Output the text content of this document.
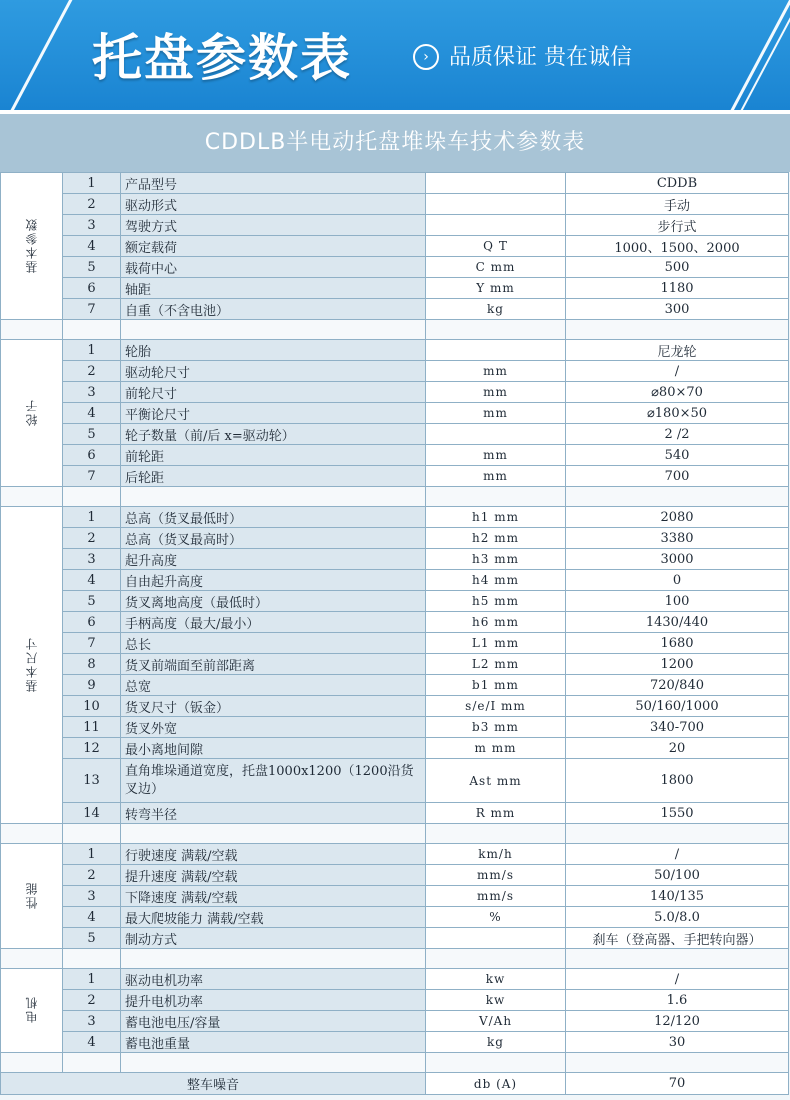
托盘参数表	› 品质保证 贵在诚信
CDDLB半电动托盘堆垛车技术参数表
基本参数	1	产品型号		CDDB
	2	驱动形式		手动
	3	驾驶方式		步行式
	4	额定载荷	Q T	1000、1500、2000
	5	载荷中心	C mm	500
	6	轴距	Y mm	1180
	7	自重（不含电池）	kg	300

轮子	1	轮胎		尼龙轮
	2	驱动轮尺寸	mm	/
	3	前轮尺寸	mm	⌀80×70
	4	平衡论尺寸	mm	⌀180×50
	5	轮子数量（前/后 x=驱动轮）		2 /2
	6	前轮距	mm	540
	7	后轮距	mm	700

基本尺寸	1	总高（货叉最低时）	h1 mm	2080
	2	总高（货叉最高时）	h2 mm	3380
	3	起升高度	h3 mm	3000
	4	自由起升高度	h4 mm	0
	5	货叉离地高度（最低时）	h5 mm	100
	6	手柄高度（最大/最小）	h6 mm	1430/440
	7	总长	L1 mm	1680
	8	货叉前端面至前部距离	L2 mm	1200
	9	总宽	b1 mm	720/840
	10	货叉尺寸（钣金）	s/e/I mm	50/160/1000
	11	货叉外宽	b3 mm	340-700
	12	最小离地间隙	m mm	20
	13	直角堆垛通道宽度，托盘1000x1200（1200沿货叉边）	Ast mm	1800
	14	转弯半径	R mm	1550

性能	1	行驶速度 满载/空载	km/h	/
	2	提升速度 满载/空载	mm/s	50/100
	3	下降速度 满载/空载	mm/s	140/135
	4	最大爬坡能力 满载/空载	%	5.0/8.0
	5	制动方式		刹车（登高器、手把转向器）

电机	1	驱动电机功率	kw	/
	2	提升电机功率	kw	1.6
	3	蓄电池电压/容量	V/Ah	12/120
	4	蓄电池重量	kg	30

整车噪音			db (A)	70
